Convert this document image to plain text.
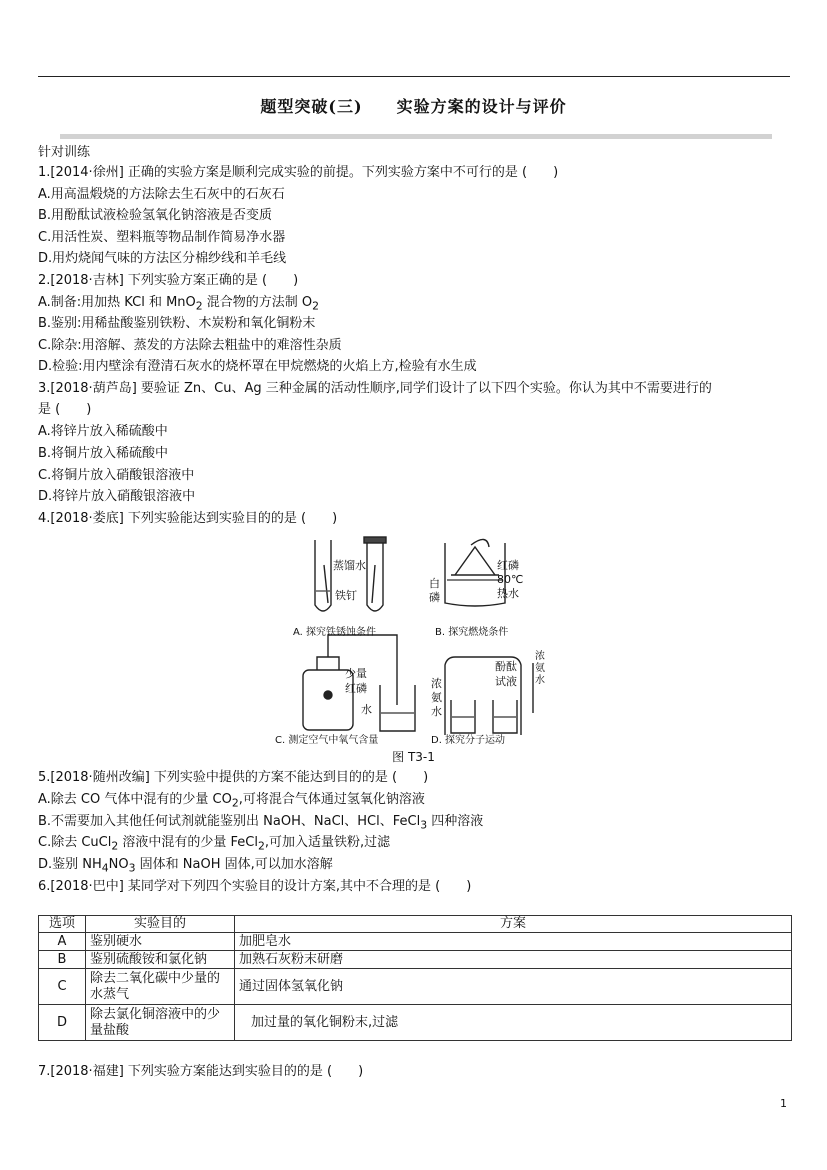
题型突破(三) 实验方案的设计与评价
针对训练
1.[2014·徐州] 正确的实验方案是顺利完成实验的前提。下列实验方案中不可行的是 (　　)
A.用高温煅烧的方法除去生石灰中的石灰石
B.用酚酞试液检验氢氧化钠溶液是否变质
C.用活性炭、塑料瓶等物品制作简易净水器
D.用灼烧闻气味的方法区分棉纱线和羊毛线
2.[2018·吉林] 下列实验方案正确的是 (　　)
A.制备:用加热 KCl 和 MnO$_2$ 混合物的方法制 $O_2$
B.鉴别:用稀盐酸鉴别铁粉、木炭粉和氧化铜粉末
C.除杂:用溶解、蒸发的方法除去粗盐中的难溶性杂质
D.检验:用内壁涂有澄清石灰水的烧杯罩在甲烷燃烧的火焰上方,检验有水生成
3.[2018·葫芦岛] 要验证 Zn、Cu、Ag 三种金属的活动性顺序,同学们设计了以下四个实验。你认为其中不需要进行的
是 (　　)
A.将锌片放入稀硫酸中
B.将铜片放入稀硫酸中
C.将铜片放入硝酸银溶液中
D.将锌片放入硝酸银溶液中
4.[2018·娄底] 下列实验能达到实验目的的是 (　　)
蒸馏水
铁钉
A. 探究铁锈蚀条件
白
磷
红磷
80℃
热水
B. 探究燃烧条件
少量
红磷
水
C. 测定空气中氧气含量
浓
氨
水
酚酞
试液
浓
氨
水
D. 探究分子运动
图 T3-1
5.[2018·随州改编] 下列实验中提供的方案不能达到目的的是 (　　)
A.除去 CO 气体中混有的少量 $CO_2$,可将混合气体通过氢氧化钠溶液
B.不需要加入其他任何试剂就能鉴别出 NaOH、NaCl、HCl、FeCl$_3$ 四种溶液
C.除去 CuCl$_2$ 溶液中混有的少量 FeCl$_2$,可加入适量铁粉,过滤
D.鉴别 $NH_4NO_3$ 固体和 NaOH 固体,可以加水溶解
6.[2018·巴中] 某同学对下列四个实验目的设计方案,其中不合理的是 (　　)
选项	实验目的	方案
A	鉴别硬水	加肥皂水
B	鉴别硫酸铵和氯化钠	加熟石灰粉末研磨
C	除去二氧化碳中少量的水蒸气	通过固体氢氧化钠
D	除去氯化铜溶液中的少量盐酸	加过量的氧化铜粉末,过滤
7.[2018·福建] 下列实验方案能达到实验目的的是 (　　)
1
